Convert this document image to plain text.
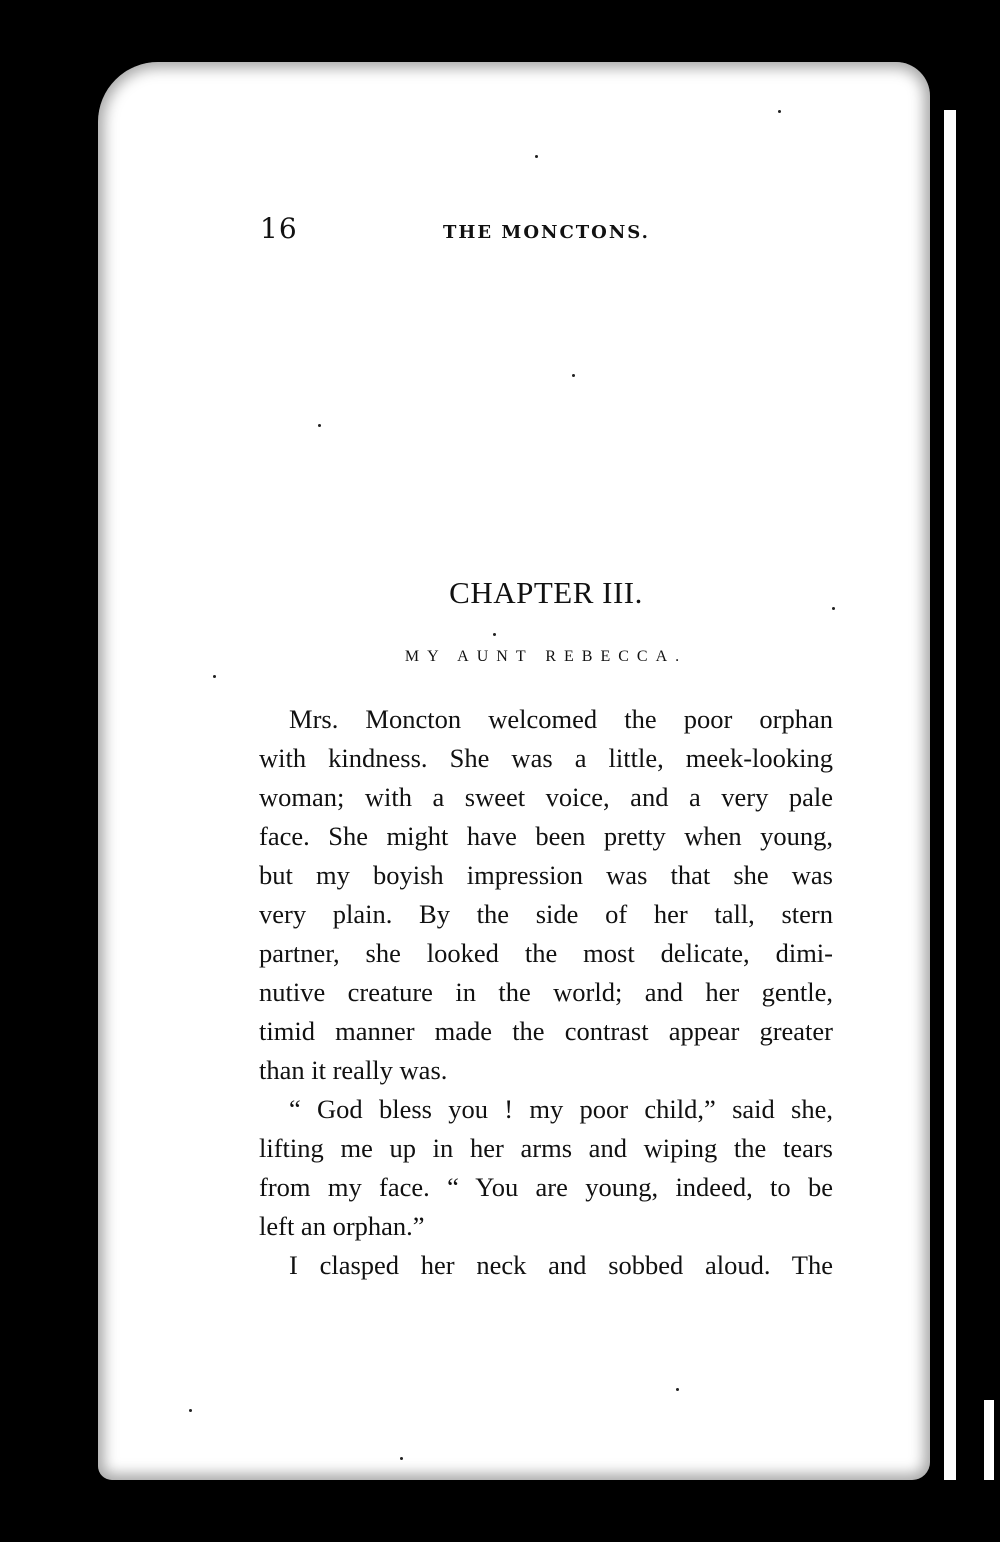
16	THE MONCTONS.
CHAPTER III.
MY AUNT REBECCA.
Mrs. Moncton welcomed the poor orphan
with kindness. She was a little, meek-looking
woman; with a sweet voice, and a very pale
face. She might have been pretty when young,
but my boyish impression was that she was
very plain. By the side of her tall, stern
partner, she looked the most delicate, dimi-
nutive creature in the world; and her gentle,
timid manner made the contrast appear greater
than it really was.
“ God bless you ! my poor child,” said she,
lifting me up in her arms and wiping the tears
from my face. “ You are young, indeed, to be
left an orphan.”
I clasped her neck and sobbed aloud. The
